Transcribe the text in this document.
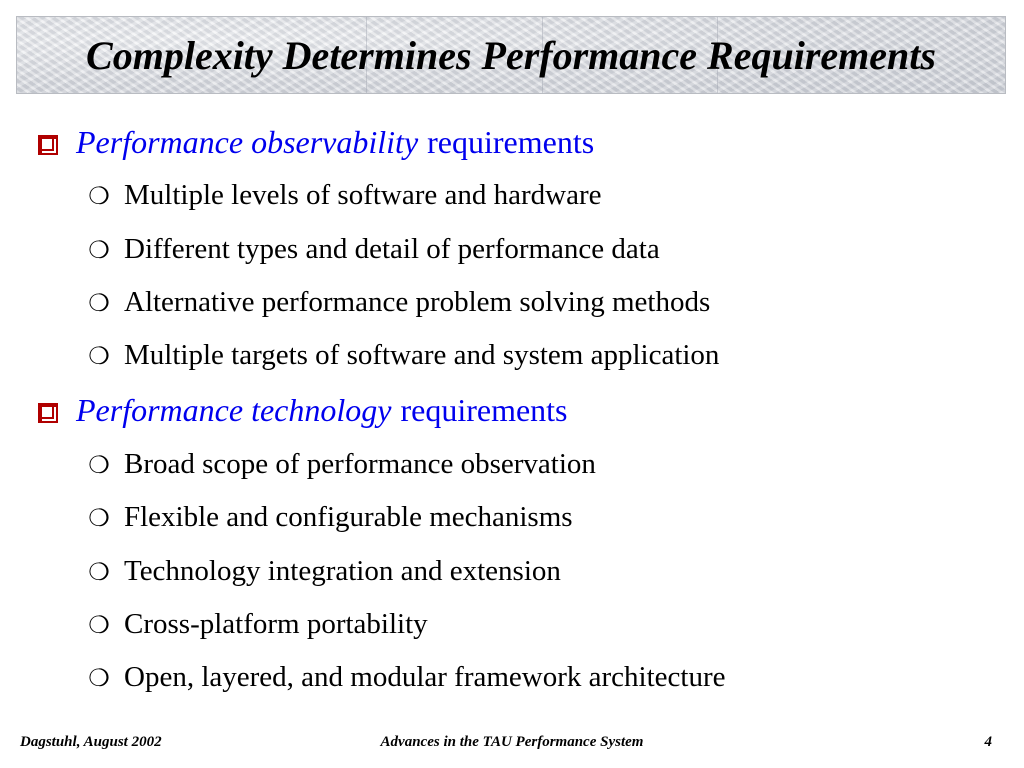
Complexity Determines Performance Requirements
Performance observability requirements
❍ Multiple levels of software and hardware
❍ Different types and detail of performance data
❍ Alternative performance problem solving methods
❍ Multiple targets of software and system application
Performance technology requirements
❍ Broad scope of performance observation
❍ Flexible and configurable mechanisms
❍ Technology integration and extension
❍ Cross-platform portability
❍ Open, layered, and modular framework architecture
Dagstuhl, August 2002	Advances in the TAU Performance System	4
